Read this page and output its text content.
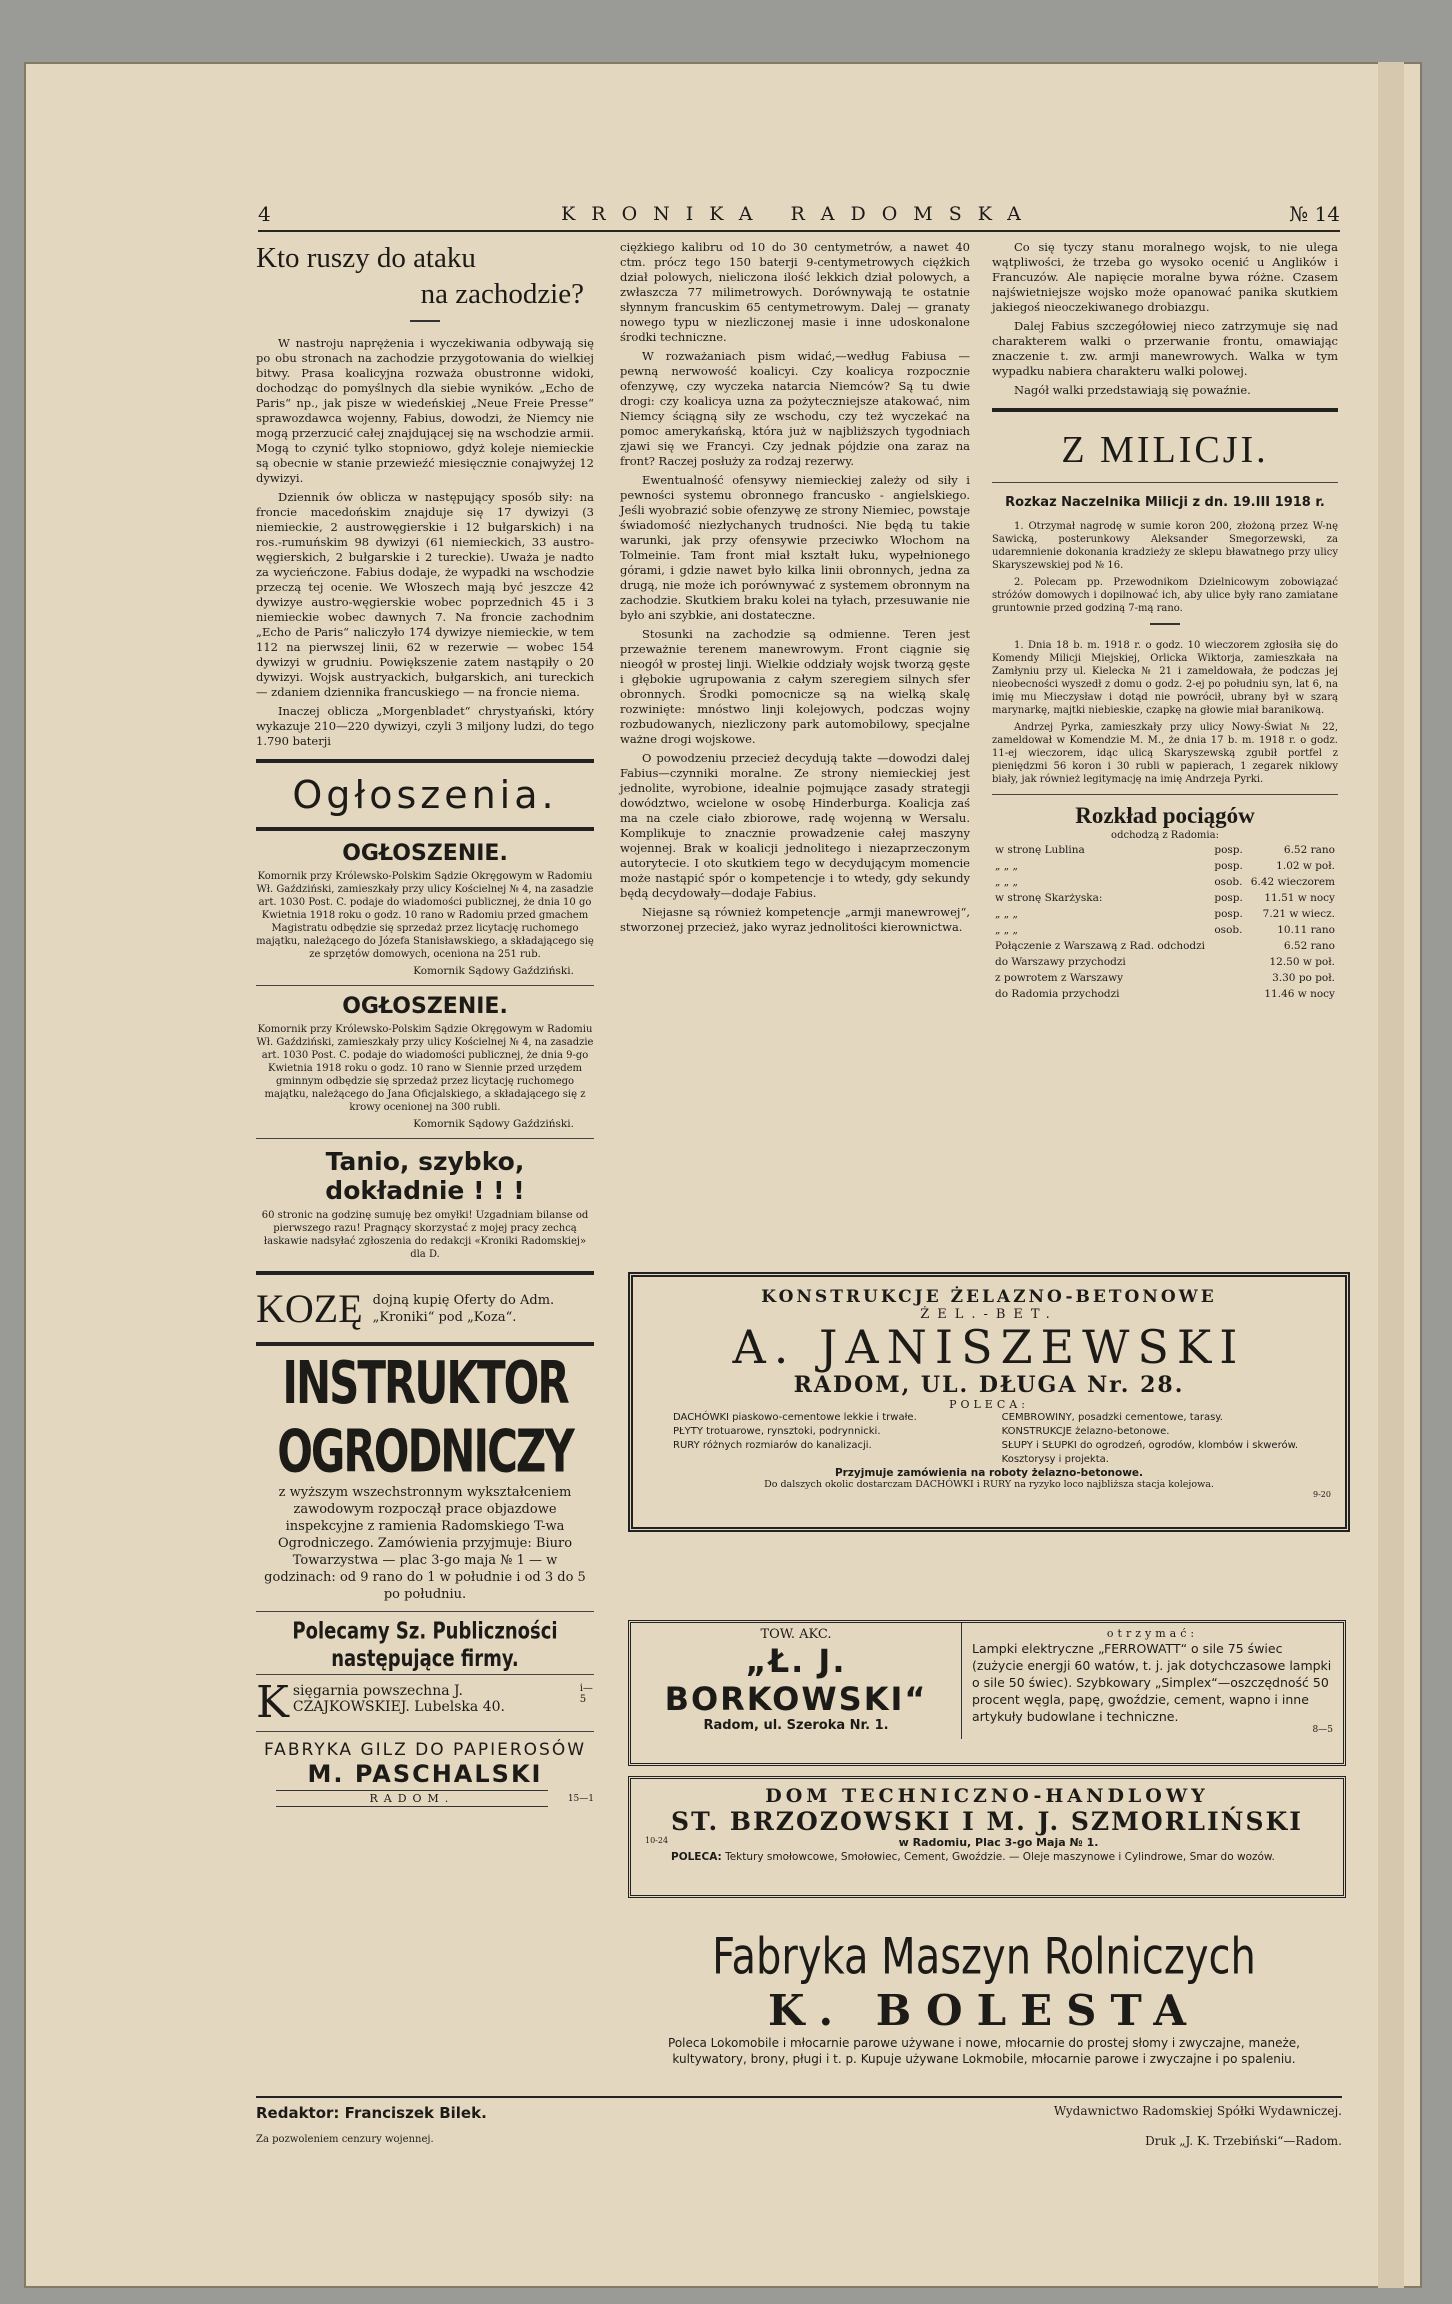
4	KRONIKA RADOMSKA	№ 14
Kto ruszy do ataku
na zachodzie?

W nastroju naprężenia i wyczekiwania odbywają się po obu stronach na zachodzie przygotowania do wielkiej bitwy. Prasa koalicyjna rozważa obustronne widoki, dochodząc do pomyślnych dla siebie wyników. „Echo de Paris“ np., jak pisze w wiedeńskiej „Neue Freie Presse“ sprawozdawca wojenny, Fabius, dowodzi, że Niemcy nie mogą przerzucić całej znajdującej się na wschodzie armii. Mogą to czynić tylko stopniowo, gdyż koleje niemieckie są obecnie w stanie przewieźć miesięcznie conajwyżej 12 dywizyi.

Dziennik ów oblicza w następujący sposób siły: na froncie macedońskim znajduje się 17 dywizyi (3 niemieckie, 2 austrowęgierskie i 12 bułgarskich) i na ros.-rumuńskim 98 dywizyi (61 niemieckich, 33 austro-węgierskich, 2 bułgarskie i 2 tureckie). Uważa je nadto za wycieńczone. Fabius dodaje, że wypadki na wschodzie przeczą tej ocenie. We Włoszech mają być jeszcze 42 dywizye austro-węgierskie wobec poprzednich 45 i 3 niemieckie wobec dawnych 7. Na froncie zachodnim „Echo de Paris“ naliczyło 174 dywizye niemieckie, w tem 112 na pierwszej linii, 62 w rezerwie — wobec 154 dywizyi w grudniu. Powiększenie zatem nastąpiły o 20 dywizyi. Wojsk austryackich, bułgarskich, ani tureckich — zdaniem dziennika francuskiego — na froncie niema.

Inaczej oblicza „Morgenbladet“ chrystyański, który wykazuje 210—220 dywizyi, czyli 3 miljony ludzi, do tego 1.790 baterji

Ogłoszenia.
OGŁOSZENIE.

Komornik przy Królewsko-Polskim Sądzie Okręgowym w Radomiu Wł. Gaździński, zamieszkały przy ulicy Kościelnej № 4, na zasadzie art. 1030 Post. C. podaje do wiadomości publicznej, że dnia 10 go Kwietnia 1918 roku o godz. 10 rano w Radomiu przed gmachem Magistratu odbędzie się sprzedaż przez licytację ruchomego majątku, należącego do Józefa Stanisławskiego, a składającego się ze sprzętów domowych, oceniona na 251 rub.

Komornik Sądowy Gaździński.
OGŁOSZENIE.

Komornik przy Królewsko-Polskim Sądzie Okręgowym w Radomiu Wł. Gaździński, zamieszkały przy ulicy Kościelnej № 4, na zasadzie art. 1030 Post. C. podaje do wiadomości publicznej, że dnia 9-go Kwietnia 1918 roku o godz. 10 rano w Siennie przed urzędem gminnym odbędzie się sprzedaż przez licytację ruchomego majątku, należącego do Jana Oficjalskiego, a składającego się z krowy ocenionej na 300 rubli.

Komornik Sądowy Gaździński.
Tanio, szybko, dokładnie ! ! !

60 stronic na godzinę sumuję bez omyłki! Uzgadniam bilanse od pierwszego razu! Pragnący skorzystać z mojej pracy zechcą łaskawie nadsyłać zgłoszenia do redakcji «Kroniki Radomskiej» dla D.

KOZĘ dojną kupię Oferty do Adm. „Kroniki“ pod „Koza“.
INSTRUKTOR OGRODNICZY

z wyższym wszechstronnym wykształceniem zawodowym rozpoczął prace objazdowe inspekcyjne z ramienia Radomskiego T-wa Ogrodniczego. Zamówienia przyjmuje: Biuro Towarzystwa — plac 3-go maja № 1 — w godzinach: od 9 rano do 1 w południe i od 3 do 5 po południu.

Polecamy Sz. Publiczności następujące firmy.
K sięgarnia powszechna J. CZAJKOWSKIEJ. Lubelska 40.
i—5
FABRYKA GILZ DO PAPIEROSÓW
M. PASCHALSKI
RADOM.	15—1

ciężkiego kalibru od 10 do 30 centymetrów, a nawet 40 ctm. prócz tego 150 baterji 9-centymetrowych ciężkich dział polowych, nieliczona ilość lekkich dział polowych, a zwłaszcza 77 milimetrowych. Dorównywają te ostatnie słynnym francuskim 65 centymetrowym. Dalej — granaty nowego typu w niezliczonej masie i inne udoskonalone środki techniczne.

W rozważaniach pism widać,—według Fabiusa — pewną nerwowość koalicyi. Czy koalicya rozpocznie ofenzywę, czy wyczeka natarcia Niemców? Są tu dwie drogi: czy koalicya uzna za pożyteczniejsze atakować, nim Niemcy ściągną siły ze wschodu, czy też wyczekać na pomoc amerykańską, która już w najbliższych tygodniach zjawi się we Francyi. Czy jednak pójdzie ona zaraz na front? Raczej posłuży za rodzaj rezerwy.

Ewentualność ofensywy niemieckiej zależy od siły i pewności systemu obronnego francusko - angielskiego. Jeśli wyobrazić sobie ofenzywę ze strony Niemiec, powstaje świadomość niezłychanych trudności. Nie będą tu takie warunki, jak przy ofensywie przeciwko Włochom na Tolmeinie. Tam front miał kształt łuku, wypełnionego górami, i gdzie nawet było kilka linii obronnych, jedna za drugą, nie może ich porównywać z systemem obronnym na zachodzie. Skutkiem braku kolei na tyłach, przesuwanie nie było ani szybkie, ani dostateczne.

Stosunki na zachodzie są odmienne. Teren jest przeważnie terenem manewrowym. Front ciągnie się nieogół w prostej linji. Wielkie oddziały wojsk tworzą gęste i głębokie ugrupowania z całym szeregiem silnych sfer obronnych. Środki pomocnicze są na wielką skalę rozwinięte: mnóstwo linji kolejowych, podczas wojny rozbudowanych, niezliczony park automobilowy, specjalne ważne drogi wojskowe.

O powodzeniu przecież decydują takte —dowodzi dalej Fabius—czynniki moralne. Ze strony niemieckiej jest jednolite, wyrobione, idealnie pojmujące zasady strategji dowództwo, wcielone w osobę Hinderburga. Koalicja zaś ma na czele ciało zbiorowe, radę wojenną w Wersalu. Komplikuje to znacznie prowadzenie całej maszyny wojennej. Brak w koalicji jednolitego i niezaprzeczonym autorytecie. I oto skutkiem tego w decydującym momencie może nastąpić spór o kompetencje i to wtedy, gdy sekundy będą decydowały—dodaje Fabius.

Niejasne są również kompetencje „armji manewrowej“, stworzonej przecież, jako wyraz jednolitości kierownictwa.

Co się tyczy stanu moralnego wojsk, to nie ulega wątpliwości, że trzeba go wysoko ocenić u Anglików i Francuzów. Ale napięcie moralne bywa różne. Czasem najświetniejsze wojsko może opanować panika skutkiem jakiegoś nieoczekiwanego drobiazgu.

Dalej Fabius szczegółowiej nieco zatrzymuje się nad charakterem walki o przerwanie frontu, omawiając znaczenie t. zw. armji manewrowych. Walka w tym wypadku nabiera charakteru walki polowej.

Nagół walki przedstawiają się powaźnie.

Z MILICJI.
Rozkaz Naczelnika Milicji z dn. 19.III 1918 r.

1. Otrzymał nagrodę w sumie koron 200, złożoną przez W-nę Sawicką, posterunkowy Aleksander Smegorzewski, za udaremnienie dokonania kradzieży ze sklepu bławatnego przy ulicy Skaryszewskiej pod № 16.

2. Polecam pp. Przewodnikom Dzielnicowym zobowiązać stróżów domowych i dopilnować ich, aby ulice były rano zamiatane gruntownie przed godziną 7-mą rano.

1. Dnia 18 b. m. 1918 r. o godz. 10 wieczorem zgłosiła się do Komendy Milicji Miejskiej, Orlicka Wiktorja, zamieszkała na Zamłyniu przy ul. Kielecka № 21 i zameldowała, że podczas jej nieobecności wyszedł z domu o godz. 2-ej po południu syn, lat 6, na imię mu Mieczysław i dotąd nie powrócił, ubrany był w szarą marynarkę, majtki niebieskie, czapkę na głowie miał baranikową.

Andrzej Pyrka, zamieszkały przy ulicy Nowy-Świat № 22, zameldował w Komendzie M. M., że dnia 17 b. m. 1918 r. o godz. 11-ej wieczorem, idąc ulicą Skaryszewską zgubił portfel z pieniędzmi 56 koron i 30 rubli w papierach, 1 zegarek niklowy biały, jak również legitymację na imię Andrzeja Pyrki.

Rozkład pociągów
odchodzą z Radomia:
w stronę Lublina	posp.	6.52 rano
„ „ „	posp.	1.02 w poł.
„ „ „	osob.	6.42 wieczorem
w stronę Skarżyska:	posp.	11.51 w nocy
„ „ „	posp.	7.21 w wiecz.
„ „ „	osob.	10.11 rano
Połączenie z Warszawą z Rad. odchodzi		6.52 rano
do Warszawy przychodzi		12.50 w poł.
z powrotem z Warszawy		3.30 po poł.
do Radomia przychodzi		11.46 w nocy
KONSTRUKCJE ŻELAZNO-BETONOWE
ŻEL.-BET.
A. JANISZEWSKI
RADOM, UL. DŁUGA Nr. 28.
POLECA:
DACHÓWKI piaskowo-cementowe lekkie i trwałe.
PŁYTY trotuarowe, rynsztoki, podrynnicki.
RURY różnych rozmiarów do kanalizacji.
CEMBROWINY, posadzki cementowe, tarasy.
KONSTRUKCJE żelazno-betonowe.
SŁUPY i SŁUPKI do ogrodzeń, ogrodów, klombów i skwerów.
Kosztorysy i projekta.
Przyjmuje zamówienia na roboty żelazno-betonowe.
Do dalszych okolic dostarczam DACHÓWKI i RURY na ryzyko loco najbliższa stacja kolejowa.
9-20
TOW. AKC.
„Ł. J. BORKOWSKI“
Radom, ul. Szeroka Nr. 1.
otrzymać:
Lampki elektryczne „FERROWATT“ o sile 75 świec (zużycie energji 60 watów, t. j. jak dotychczasowe lampki o sile 50 świec). Szybkowary „Simplex“—oszczędność 50 procent węgla, papę, gwoździe, cement, wapno i inne artykuły budowlane i techniczne.
8—5
DOM TECHNICZNO-HANDLOWY
ST. BRZOZOWSKI I M. J. SZMORLIŃSKI
10-24	w Radomiu, Plac 3-go Maja № 1.
POLECA: Tektury smołowcowe, Smołowiec, Cement, Gwoździe. — Oleje maszynowe i Cylindrowe, Smar do wozów.
Fabryka Maszyn Rolniczych
K. BOLESTA
Poleca Lokomobile i młocarnie parowe używane i nowe, młocarnie do prostej słomy i zwyczajne, maneże, kultywatory, brony, pługi i t. p. Kupuje używane Lokmobile, młocarnie parowe i zwyczajne i po spaleniu.
Redaktor: Franciszek Bilek.	Wydawnictwo Radomskiej Spółki Wydawniczej.
Za pozwoleniem cenzury wojennej.	Druk „J. K. Trzebiński“—Radom.
